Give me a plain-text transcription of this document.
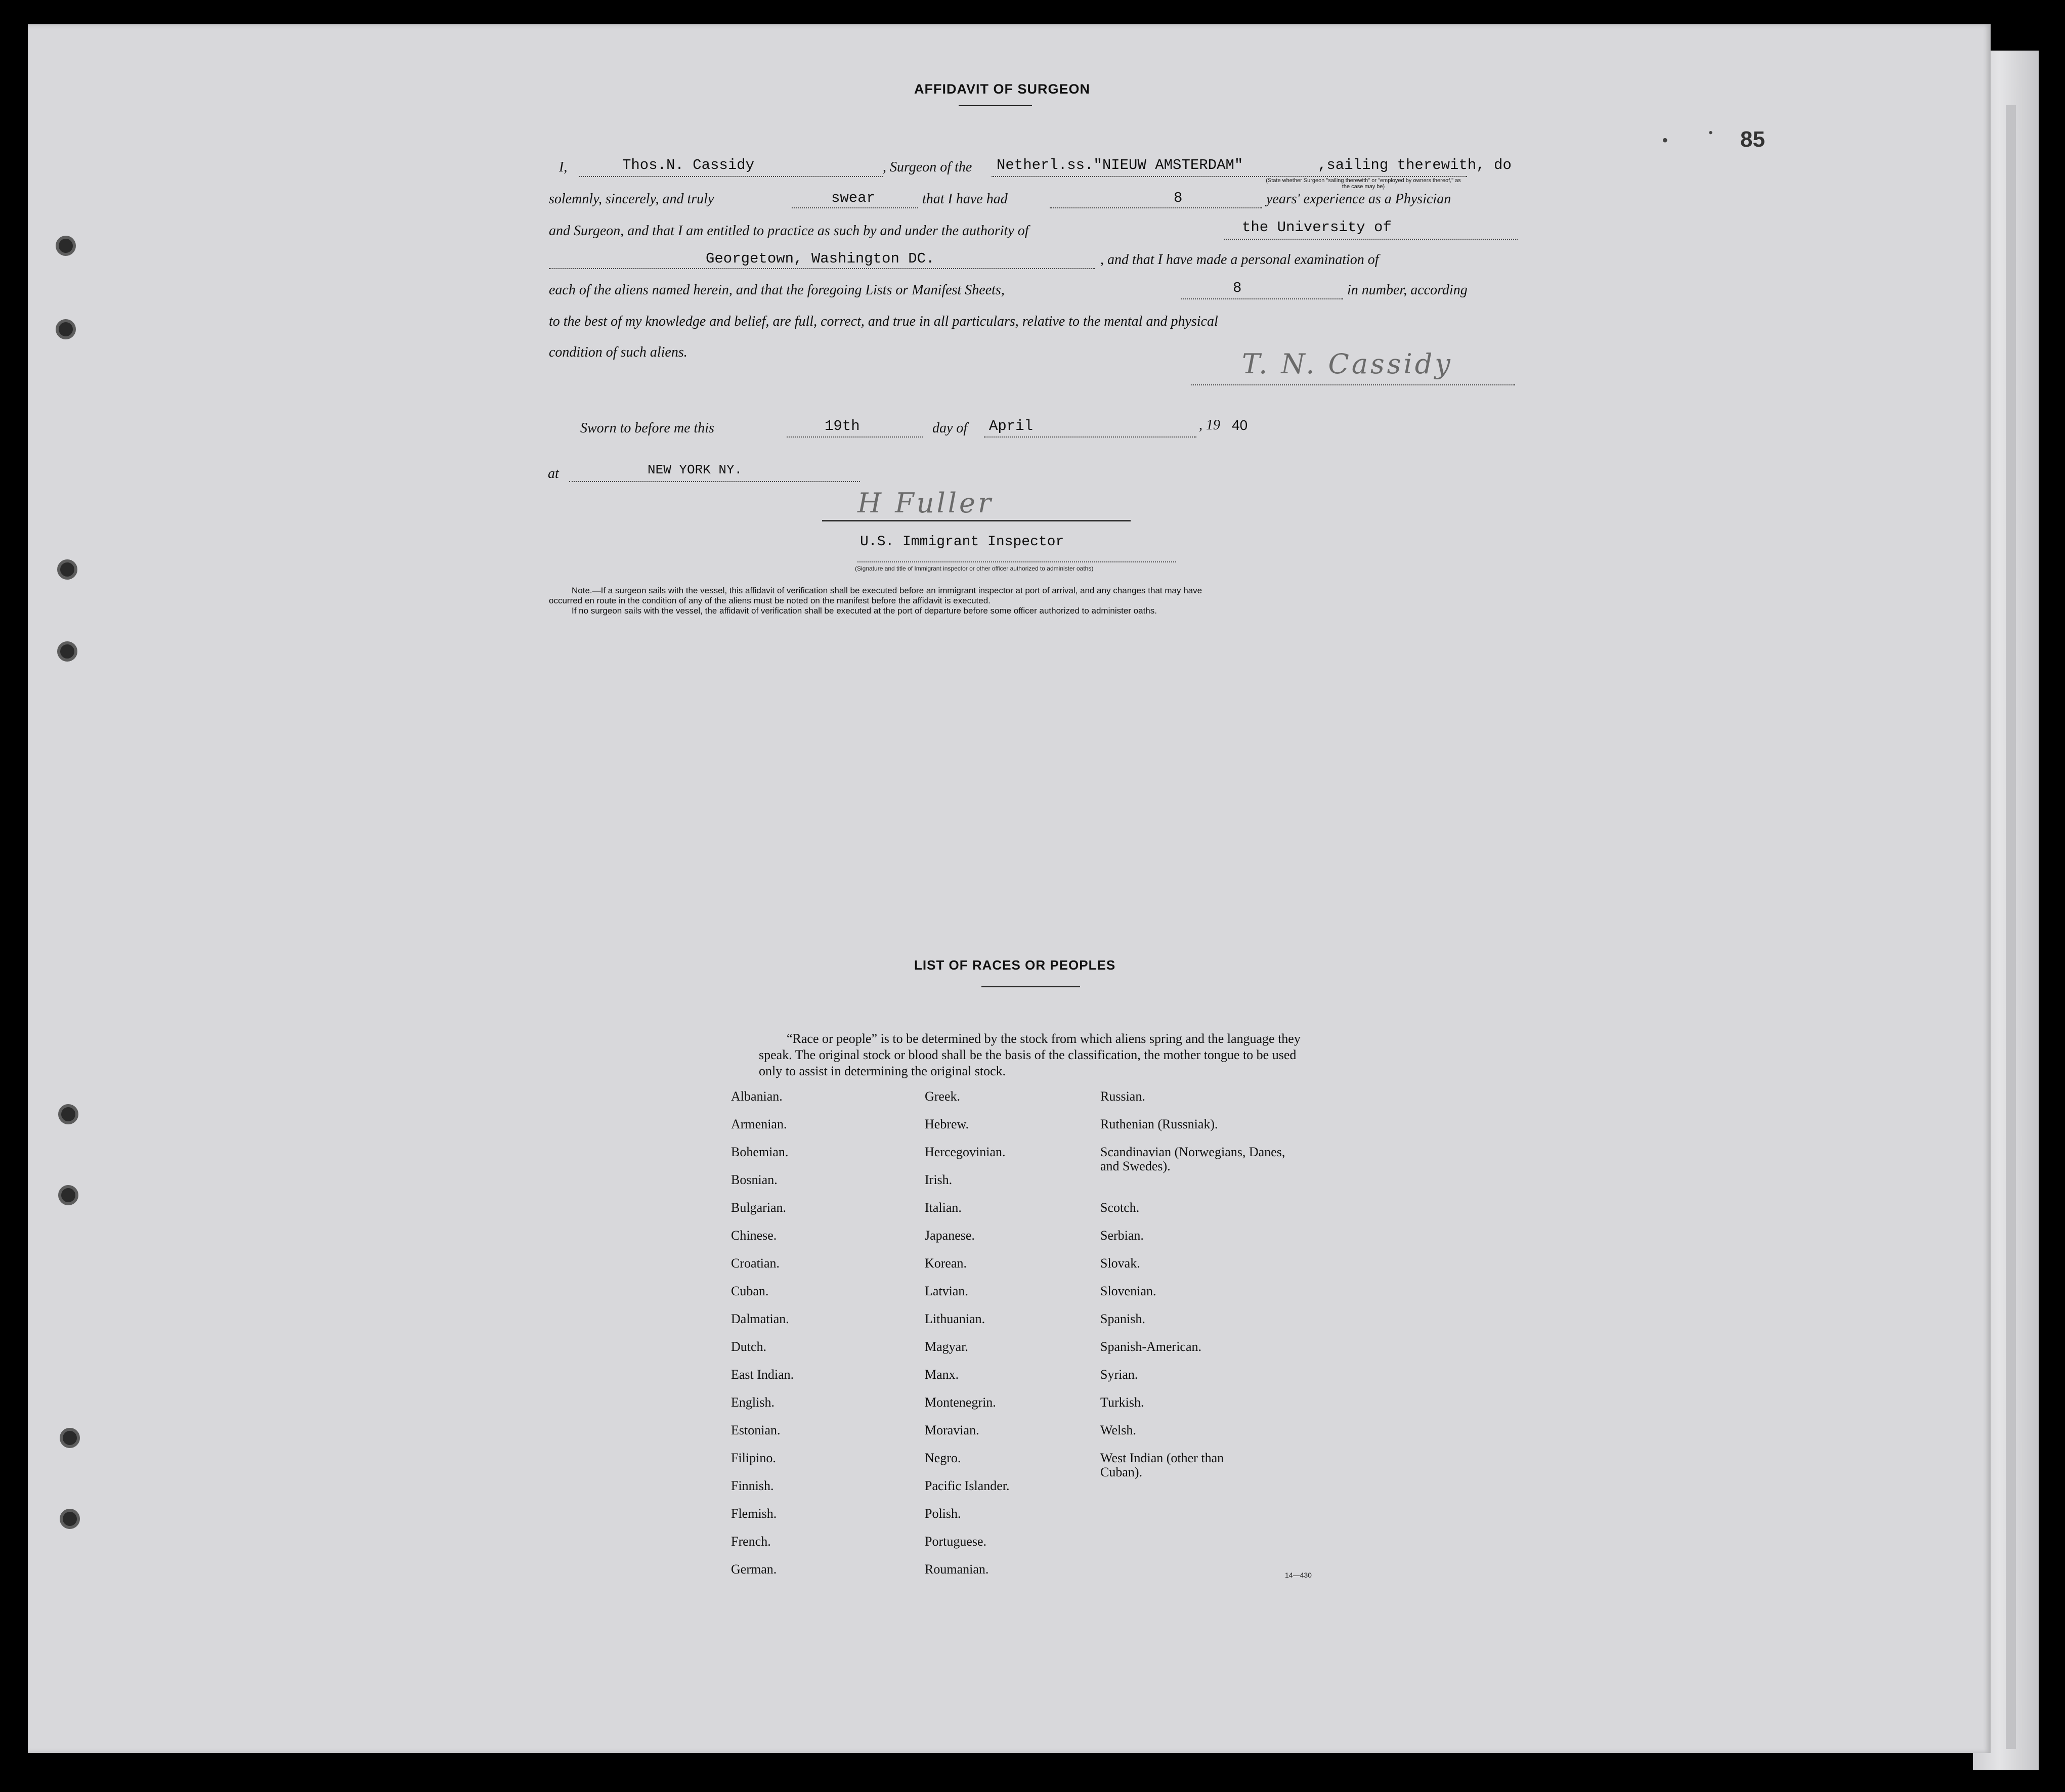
85
•	•
AFFIDAVIT OF SURGEON
I,	Thos.N. Cassidy	, Surgeon of the Netherl.ss."NIEUW AMSTERDAM"	,sailing therewith, do
(State whether Surgeon "sailing therewith" or "employed by owners thereof," as the case may be)
solemnly, sincerely, and truly	swear	that I have had	8	years' experience as a Physician
and Surgeon, and that I am entitled to practice as such by and under the authority of	the University of
Georgetown, Washington DC.	, and that I have made a personal examination of
each of the aliens named herein, and that the foregoing Lists or Manifest Sheets,	8	in number, according
to the best of my knowledge and belief, are full, correct, and true in all particulars, relative to the mental and physical
condition of such aliens.	T. N. Cassidy
Sworn to before me this	19th	day of April	, 19 40
at	NEW YORK NY.
H Fuller
U.S. Immigrant Inspector
(Signature and title of Immigrant inspector or other officer authorized to administer oaths)
Note.—If a surgeon sails with the vessel, this affidavit of verification shall be executed before an immigrant inspector at port of arrival, and any changes that may have
occurred en route in the condition of any of the aliens must be noted on the manifest before the affidavit is executed.
If no surgeon sails with the vessel, the affidavit of verification shall be executed at the port of departure before some officer authorized to administer oaths.
LIST OF RACES OR PEOPLES

“Race or people” is to be determined by the stock from which aliens spring and the language they speak. The original stock or blood shall be the basis of the classification, the mother tongue to be used only to assist in determining the original stock.

Albanian.
Armenian.
Bohemian.
Bosnian.
Bulgarian.
Chinese.
Croatian.
Cuban.
Dalmatian.
Dutch.
East Indian.
English.
Estonian.
Filipino.
Finnish.
Flemish.
French.
German.
Greek.
Hebrew.
Hercegovinian.
Irish.
Italian.
Japanese.
Korean.
Latvian.
Lithuanian.
Magyar.
Manx.
Montenegrin.
Moravian.
Negro.
Pacific Islander.
Polish.
Portuguese.
Roumanian.
Russian.
Ruthenian (Russniak).
Scandinavian (Norwegians, Danes, and Swedes).
Scotch.
Serbian.
Slovak.
Slovenian.
Spanish.
Spanish-American.
Syrian.
Turkish.
Welsh.
West Indian (other than Cuban).
14—430
